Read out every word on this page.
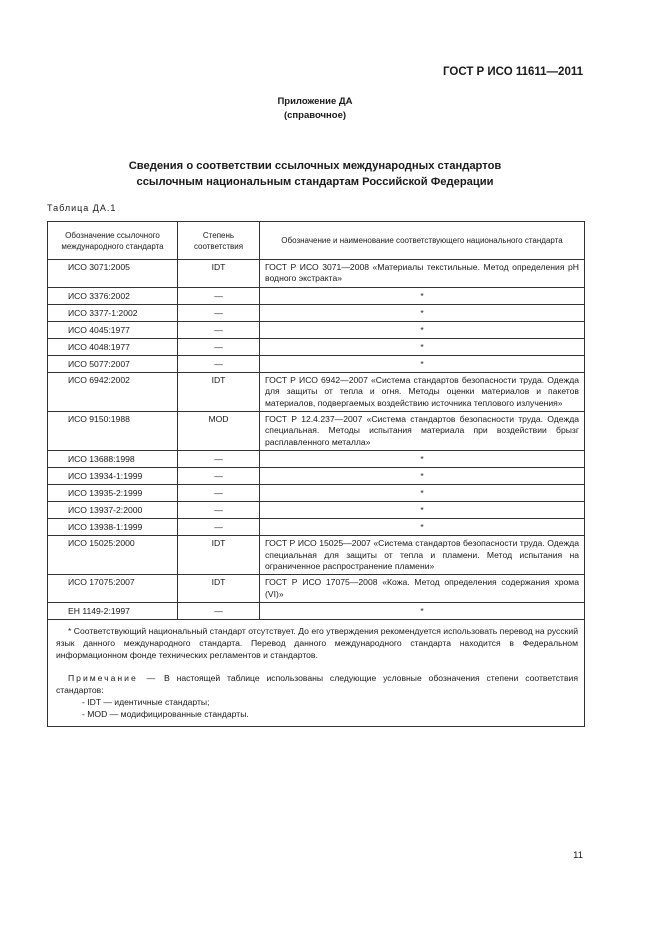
ГОСТ Р ИСО 11611—2011
Приложение ДА
(справочное)
Сведения о соответствии ссылочных международных стандартов
ссылочным национальным стандартам Российской Федерации
Таблица ДА.1
Обозначение ссылочного международного стандарта	Степень соответствия	Обозначение и наименование соответствующего национального стандарта
ИСО 3071:2005	IDT	ГОСТ Р ИСО 3071—2008 «Материалы текстильные. Метод определения pH водного экстракта»
ИСО 3376:2002	—	*
ИСО 3377-1:2002	—	*
ИСО 4045:1977	—	*
ИСО 4048:1977	—	*
ИСО 5077:2007	—	*
ИСО 6942:2002	IDT	ГОСТ Р ИСО 6942—2007 «Система стандартов безопасности труда. Одежда для защиты от тепла и огня. Методы оценки материалов и пакетов материалов, подвергаемых воздействию источника теплового излучения»
ИСО 9150:1988	MOD	ГОСТ Р 12.4.237—2007 «Система стандартов безопасности труда. Одежда специальная. Методы испытания материала при воздействии брызг расплавленного металла»
ИСО 13688:1998	—	*
ИСО 13934-1:1999	—	*
ИСО 13935-2:1999	—	*
ИСО 13937-2:2000	—	*
ИСО 13938-1:1999	—	*
ИСО 15025:2000	IDT	ГОСТ Р ИСО 15025—2007 «Система стандартов безопасности труда. Одежда специальная для защиты от тепла и пламени. Метод испытания на ограниченное распространение пламени»
ИСО 17075:2007	IDT	ГОСТ Р ИСО 17075—2008 «Кожа. Метод определения содержания хрома (VI)»
ЕН 1149-2:1997	—	*

* Соответствующий национальный стандарт отсутствует. До его утверждения рекомендуется использовать перевод на русский язык данного международного стандарта. Перевод данного международного стандарта находится в Федеральном информационном фонде технических регламентов и стандартов.

Примечание — В настоящей таблице использованы следующие условные обозначения степени соответствия стандартов:

- IDT — идентичные стандарты;

- MOD — модифицированные стандарты.		

11
